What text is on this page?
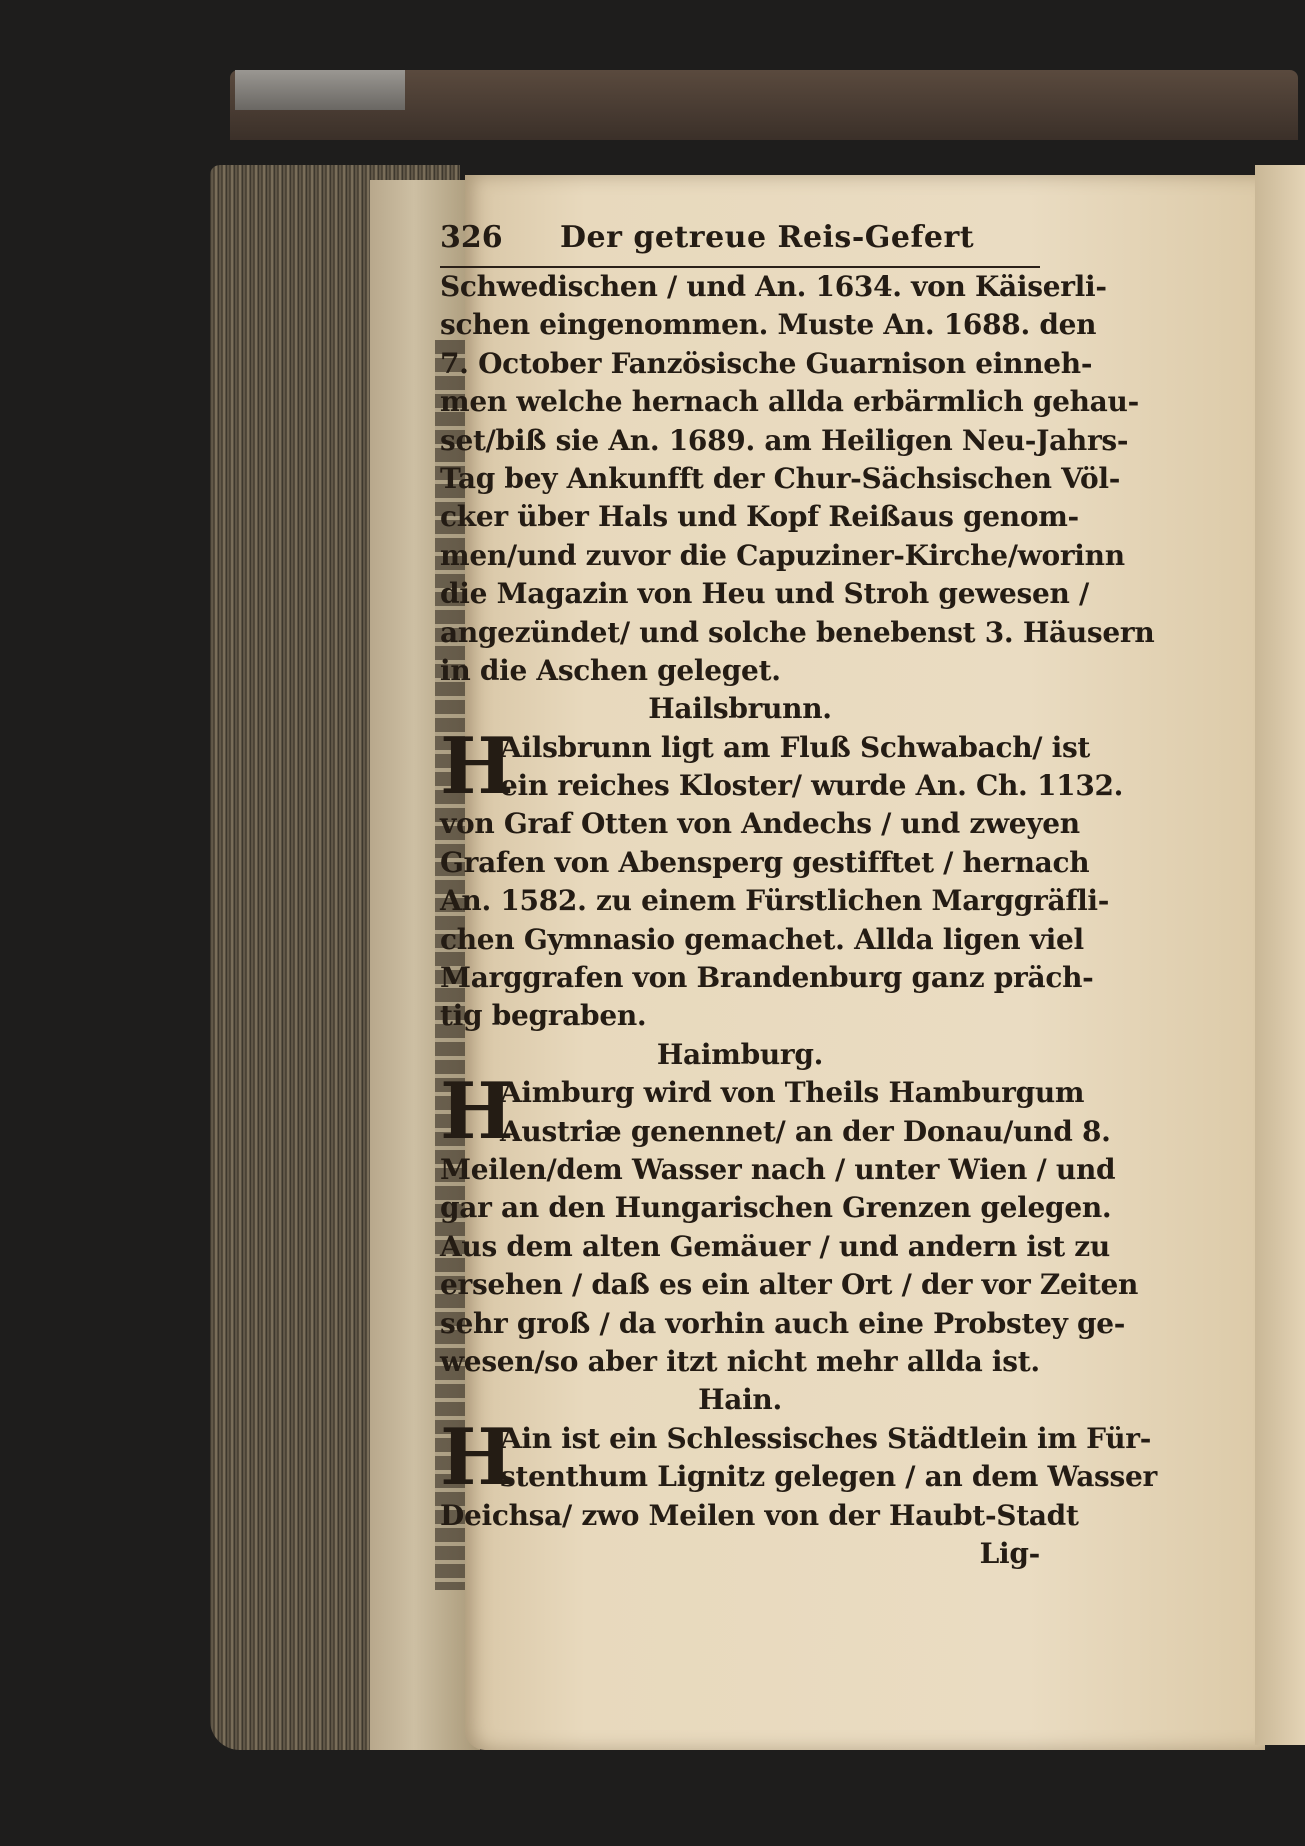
326	Der getreue Reis-Gefert
Schwedischen / und An. 1634. von Käiserli-
schen eingenommen. Muste An. 1688. den
7. October Fanzösische Guarnison einneh-
men welche hernach allda erbärmlich gehau-
set/biß sie An. 1689. am Heiligen Neu-Jahrs-
Tag bey Ankunfft der Chur-Sächsischen Völ-
cker über Hals und Kopf Reißaus genom-
men/und zuvor die Capuziner-Kirche/worinn
die Magazin von Heu und Stroh gewesen /
angezündet/ und solche benebenst 3. Häusern
in die Aschen geleget.
Hailsbrunn.
H
Ailsbrunn ligt am Fluß Schwabach/ ist
ein reiches Kloster/ wurde An. Ch. 1132.
von Graf Otten von Andechs / und zweyen
Grafen von Abensperg gestifftet / hernach
An. 1582. zu einem Fürstlichen Marggräfli-
chen Gymnasio gemachet. Allda ligen viel
Marggrafen von Brandenburg ganz präch-
tig begraben.
Haimburg.
H
Aimburg wird von Theils Hamburgum
Austriæ genennet/ an der Donau/und 8.
Meilen/dem Wasser nach / unter Wien / und
gar an den Hungarischen Grenzen gelegen.
Aus dem alten Gemäuer / und andern ist zu
ersehen / daß es ein alter Ort / der vor Zeiten
sehr groß / da vorhin auch eine Probstey ge-
wesen/so aber itzt nicht mehr allda ist.
Hain.
H
Ain ist ein Schlessisches Städtlein im Für-
stenthum Lignitz gelegen / an dem Wasser
Deichsa/ zwo Meilen von der Haubt-Stadt
Lig-
